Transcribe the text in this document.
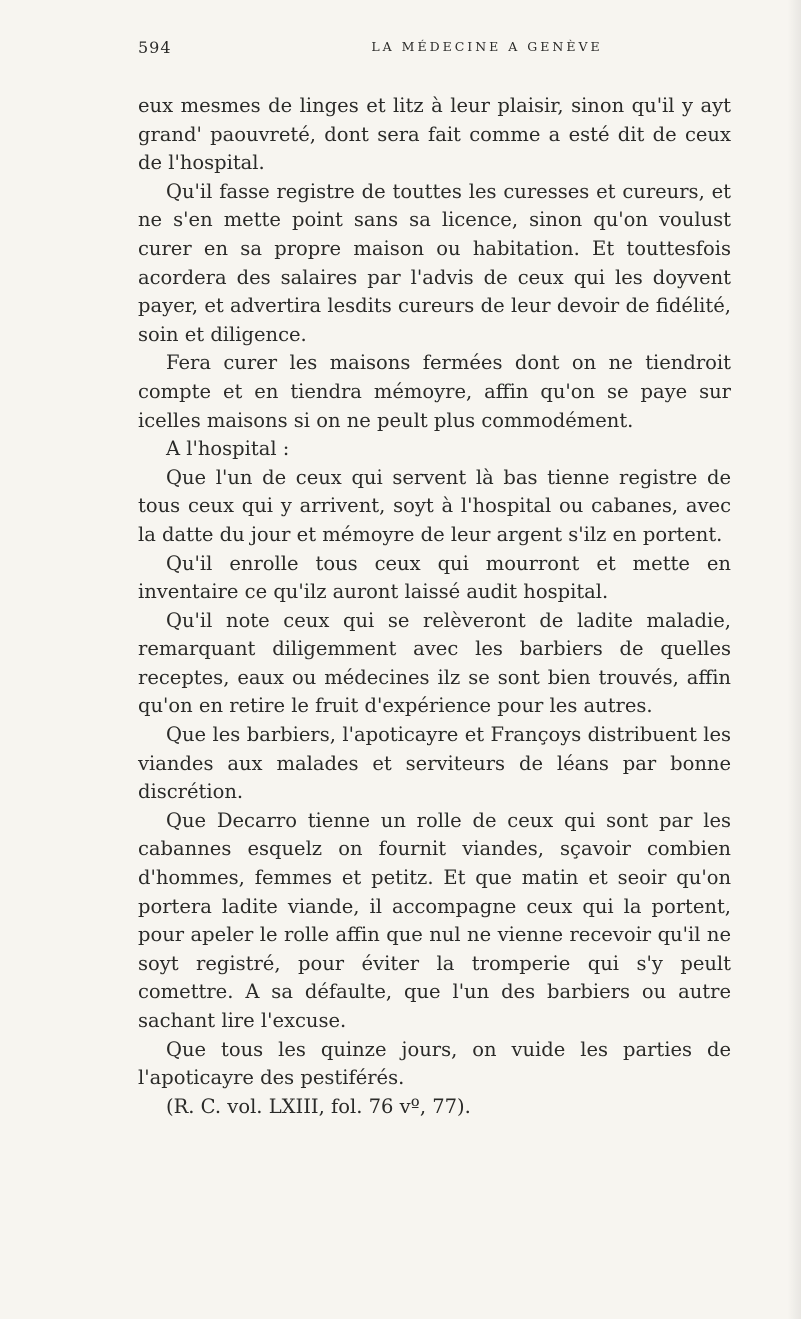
594	LA MÉDECINE A GENÈVE

eux mesmes de linges et litz à leur plaisir, sinon qu'il y ayt grand' paouvreté, dont sera fait comme a esté dit de ceux de l'hospital.

Qu'il fasse registre de touttes les curesses et cureurs, et ne s'en mette point sans sa licence, sinon qu'on voulust curer en sa propre maison ou habitation. Et touttesfois acordera des salaires par l'advis de ceux qui les doyvent payer, et advertira lesdits cureurs de leur devoir de fidélité, soin et diligence.

Fera curer les maisons fermées dont on ne tiendroit compte et en tiendra mémoyre, affin qu'on se paye sur icelles maisons si on ne peult plus commodément.

A l'hospital :

Que l'un de ceux qui servent là bas tienne registre de tous ceux qui y arrivent, soyt à l'hospital ou cabanes, avec la datte du jour et mémoyre de leur argent s'ilz en portent.

Qu'il enrolle tous ceux qui mourront et mette en inventaire ce qu'ilz auront laissé audit hospital.

Qu'il note ceux qui se relèveront de ladite maladie, remarquant diligemment avec les barbiers de quelles receptes, eaux ou médecines ilz se sont bien trouvés, affin qu'on en retire le fruit d'expérience pour les autres.

Que les barbiers, l'apoticayre et Françoys distribuent les viandes aux malades et serviteurs de léans par bonne discrétion.

Que Decarro tienne un rolle de ceux qui sont par les cabannes esquelz on fournit viandes, sçavoir combien d'hommes, femmes et petitz. Et que matin et seoir qu'on portera ladite viande, il accompagne ceux qui la portent, pour apeler le rolle affin que nul ne vienne recevoir qu'il ne soyt registré, pour éviter la tromperie qui s'y peult comettre. A sa défaulte, que l'un des barbiers ou autre sachant lire l'excuse.

Que tous les quinze jours, on vuide les parties de l'apoticayre des pestiférés.

(R. C. vol. LXIII, fol. 76 vº, 77).
